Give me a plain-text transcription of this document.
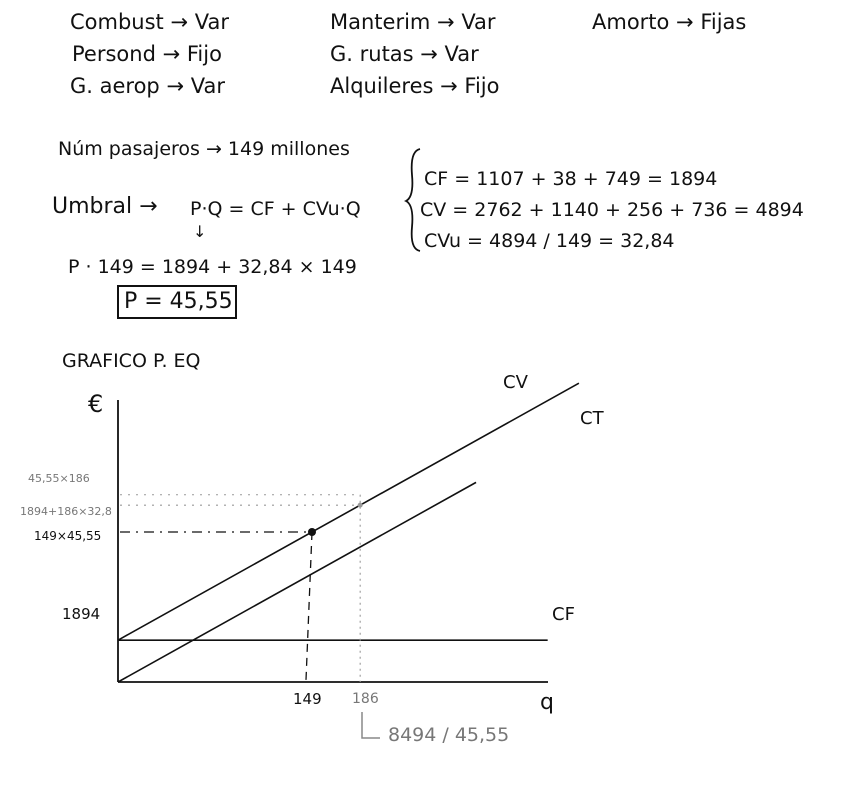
Combust → Var
Persond → Fijo
G. aerop → Var
Manterim → Var
G. rutas → Var
Alquileres → Fijo
Amorto → Fijas
Núm pasajeros → 149 millones
Umbral → P·Q = CF + CVu·Q
↓
CF = 1107 + 38 + 749 = 1894
CV = 2762 + 1140 + 256 + 736 = 4894
CVu = 4894 / 149 = 32,84
P · 149 = 1894 + 32,84 × 149
P = 45,55
GRAFICO P. EQ
€
q
CV
CT
CF
45,55×186
1894+186×32,8
149×45,55
1894
149 186
8494 / 45,55
